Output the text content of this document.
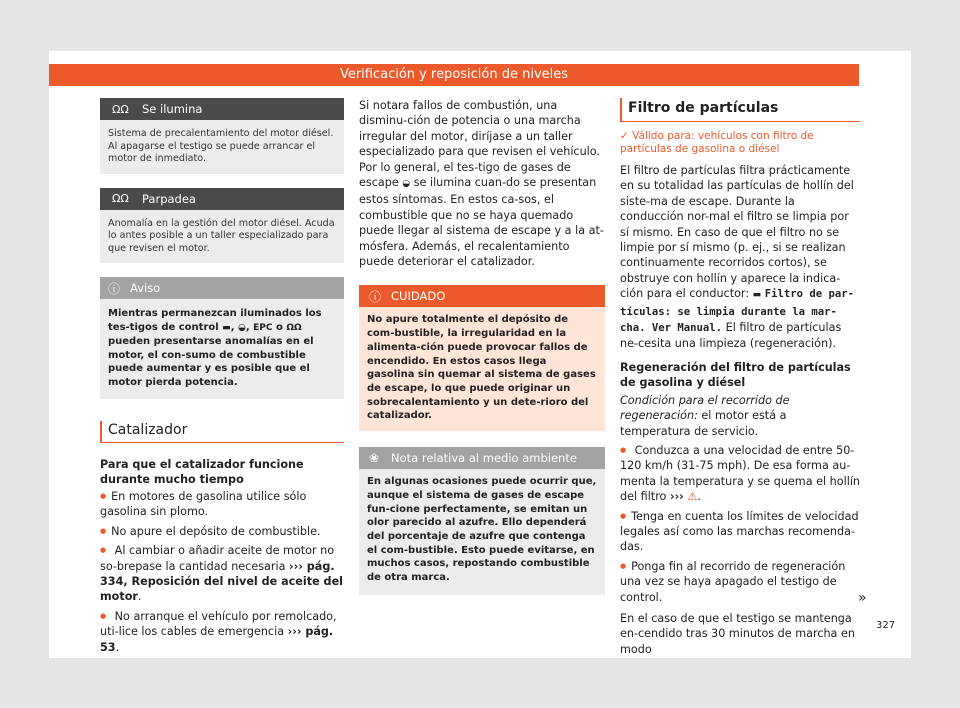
Verificación y reposición de niveles
ΩΩ	Se ilumina
Sistema de precalentamiento del motor diésel. Al apagarse el testigo se puede arrancar el motor de inmediato.
ΩΩ	Parpadea
Anomalía en la gestión del motor diésel. Acuda lo antes posible a un taller especializado para que revisen el motor.
ⓘ Aviso
Mientras permanezcan iluminados los tes-tigos de control ▬, ◒, EPC o ΩΩ pueden presentarse anomalías en el motor, el con-sumo de combustible puede aumentar y es posible que el motor pierda potencia.
Catalizador
Para que el catalizador funcione durante mucho tiempo

● En motores de gasolina utilice sólo gasolina sin plomo.

● No apure el depósito de combustible.

● Al cambiar o añadir aceite de motor no so-brepase la cantidad necesaria ››› pág. 334, Reposición del nivel de aceite del motor.

● No arranque el vehículo por remolcado, uti-lice los cables de emergencia ››› pág. 53.

Si notara fallos de combustión, una disminu-ción de potencia o una marcha irregular del motor, diríjase a un taller especializado para que revisen el vehículo. Por lo general, el tes-tigo de gases de escape ◒ se ilumina cuan-do se presentan estos síntomas. En estos ca-sos, el combustible que no se haya quemado puede llegar al sistema de escape y a la at-mósfera. Además, el recalentamiento puede deteriorar el catalizador.

ⓘ CUIDADO
No apure totalmente el depósito de com-bustible, la irregularidad en la alimenta-ción puede provocar fallos de encendido. En estos casos llega gasolina sin quemar al sistema de gases de escape, lo que puede originar un sobrecalentamiento y un dete-rioro del catalizador.
❀	Nota relativa al medio ambiente
En algunas ocasiones puede ocurrir que, aunque el sistema de gases de escape fun-cione perfectamente, se emitan un olor parecido al azufre. Ello dependerá del porcentaje de azufre que contenga el com-bustible. Esto puede evitarse, en muchos casos, repostando combustible de otra marca.
Filtro de partículas

✓ Válido para: vehículos con filtro de partículas de gasolina o diésel

El filtro de partículas filtra prácticamente en su totalidad las partículas de hollín del siste-ma de escape. Durante la conducción nor-mal el filtro se limpia por sí mismo. En caso de que el filtro no se limpie por sí mismo (p. ej., si se realizan continuamente recorridos cortos), se obstruye con hollín y aparece la indica-ción para el conductor: ▬ Filtro de par-tículas: se limpia durante la mar-cha. Ver Manual. El filtro de partículas ne-cesita una limpieza (regeneración).

Regeneración del filtro de partículas de gasolina y diésel

Condición para el recorrido de regeneración: el motor está a temperatura de servicio.

● Conduzca a una velocidad de entre 50-120 km/h (31-75 mph). De esa forma au-menta la temperatura y se quema el hollín del filtro ››› ⚠.

● Tenga en cuenta los límites de velocidad legales así como las marchas recomenda-das.

● Ponga fin al recorrido de regeneración una vez se haya apagado el testigo de control.

En el caso de que el testigo se mantenga en-cendido tras 30 minutos de marcha en modo

»
327
